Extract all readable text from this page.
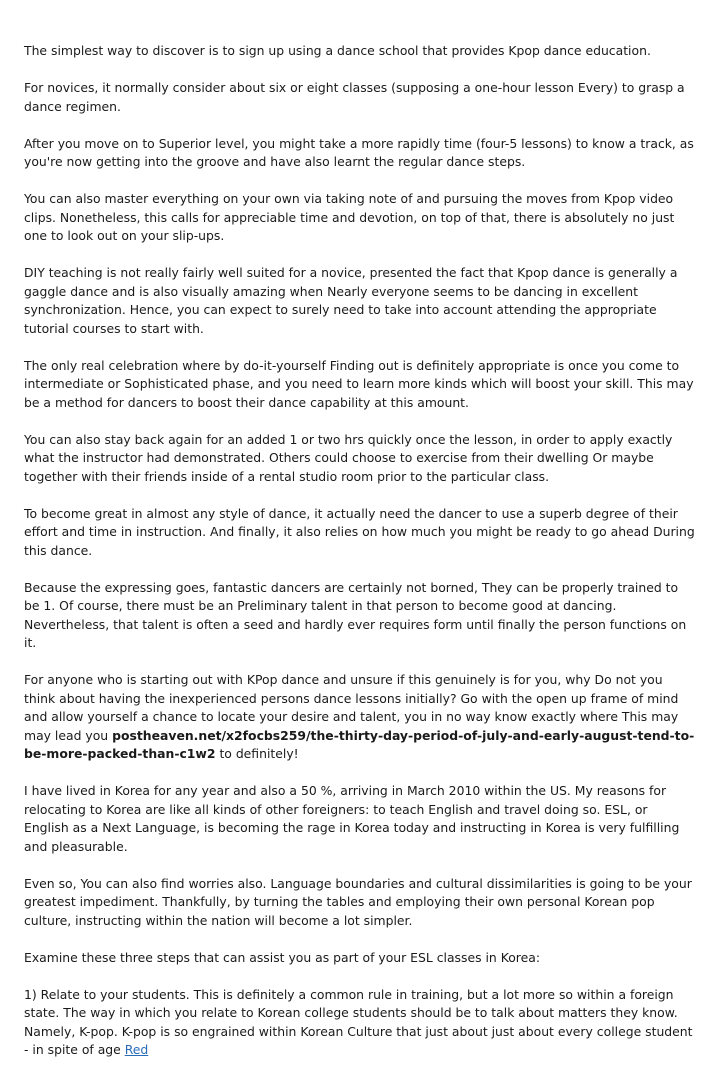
The simplest way to discover is to sign up using a dance school that provides Kpop dance education.

For novices, it normally consider about six or eight classes (supposing a one-hour lesson Every) to grasp a dance regimen.

After you move on to Superior level, you might take a more rapidly time (four-5 lessons) to know a track, as you're now getting into the groove and have also learnt the regular dance steps.

You can also master everything on your own via taking note of and pursuing the moves from Kpop video clips. Nonetheless, this calls for appreciable time and devotion, on top of that, there is absolutely no just one to look out on your slip-ups.

DIY teaching is not really fairly well suited for a novice, presented the fact that Kpop dance is generally a gaggle dance and is also visually amazing when Nearly everyone seems to be dancing in excellent synchronization. Hence, you can expect to surely need to take into account attending the appropriate tutorial courses to start with.

The only real celebration where by do-it-yourself Finding out is definitely appropriate is once you come to intermediate or Sophisticated phase, and you need to learn more kinds which will boost your skill. This may be a method for dancers to boost their dance capability at this amount.

You can also stay back again for an added 1 or two hrs quickly once the lesson, in order to apply exactly what the instructor had demonstrated. Others could choose to exercise from their dwelling Or maybe together with their friends inside of a rental studio room prior to the particular class.

To become great in almost any style of dance, it actually need the dancer to use a superb degree of their effort and time in instruction. And finally, it also relies on how much you might be ready to go ahead During this dance.

Because the expressing goes, fantastic dancers are certainly not borned, They can be properly trained to be 1. Of course, there must be an Preliminary talent in that person to become good at dancing. Nevertheless, that talent is often a seed and hardly ever requires form until finally the person functions on it.

For anyone who is starting out with KPop dance and unsure if this genuinely is for you, why Do not you think about having the inexperienced persons dance lessons initially? Go with the open up frame of mind and allow yourself a chance to locate your desire and talent, you in no way know exactly where This may may lead you postheaven.net/x2focbs259/the-thirty-day-period-of-july-and-early-august-tend-to-be-more-packed-than-c1w2 to definitely!

I have lived in Korea for any year and also a 50 %, arriving in March 2010 within the US. My reasons for relocating to Korea are like all kinds of other foreigners: to teach English and travel doing so. ESL, or English as a Next Language, is becoming the rage in Korea today and instructing in Korea is very fulfilling and pleasurable.

Even so, You can also find worries also. Language boundaries and cultural dissimilarities is going to be your greatest impediment. Thankfully, by turning the tables and employing their own personal Korean pop culture, instructing within the nation will become a lot simpler.

Examine these three steps that can assist you as part of your ESL classes in Korea:

1) Relate to your students. This is definitely a common rule in training, but a lot more so within a foreign state. The way in which you relate to Korean college students should be to talk about matters they know. Namely, K-pop. K-pop is so engrained within Korean Culture that just about just about every college student - in spite of age Red
